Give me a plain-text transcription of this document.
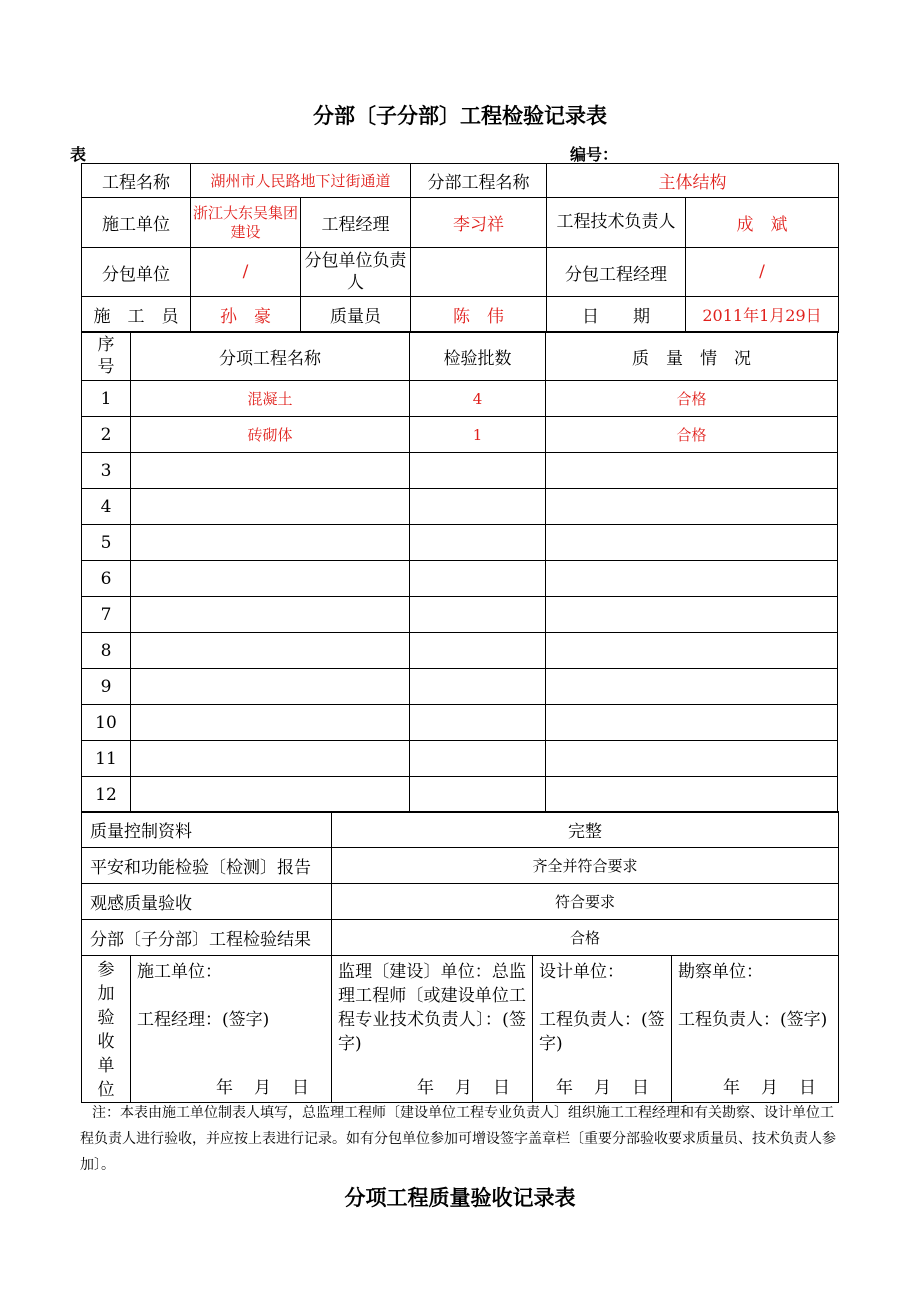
分部〔子分部〕工程检验记录表
表	编号：
工程名称	湖州市人民路地下过街通道		分部工程名称	主体结构	
施工单位	浙江大东吴集团建设	工程经理	李习祥	工程技术负责人	成　斌
分包单位	/	分包单位负责人		分包工程经理	/
施　工　员	孙　豪	质量员	陈　伟	日　　期	2011年1月29日
序号	分项工程名称	检验批数	质　量　情　况
1	混凝土	4	合格
2	砖砌体	1	合格
3			
4			
5			
6			
7			
8			
9			
10			
11			
12			
质量控制资料	完整
平安和功能检验〔检测〕报告	齐全并符合要求
观感质量验收	符合要求
分部〔子分部〕工程检验结果	合格
参加验收单位

施工单位：
工程经理：(签字)
年　月　日

监理〔建设〕单位：总监理工程师〔或建设单位工程专业技术负责人〕：(签字)
年　月　日

设计单位：
工程负责人：(签字)
年　月　日

勘察单位：
工程负责人：(签字)
年　月　日
注：本表由施工单位制表人填写，总监理工程师〔建设单位工程专业负责人〕组织施工工程经理和有关勘察、设计单位工程负责人进行验收，并应按上表进行记录。如有分包单位参加可增设签字盖章栏〔重要分部验收要求质量员、技术负责人参加〕。
分项工程质量验收记录表
